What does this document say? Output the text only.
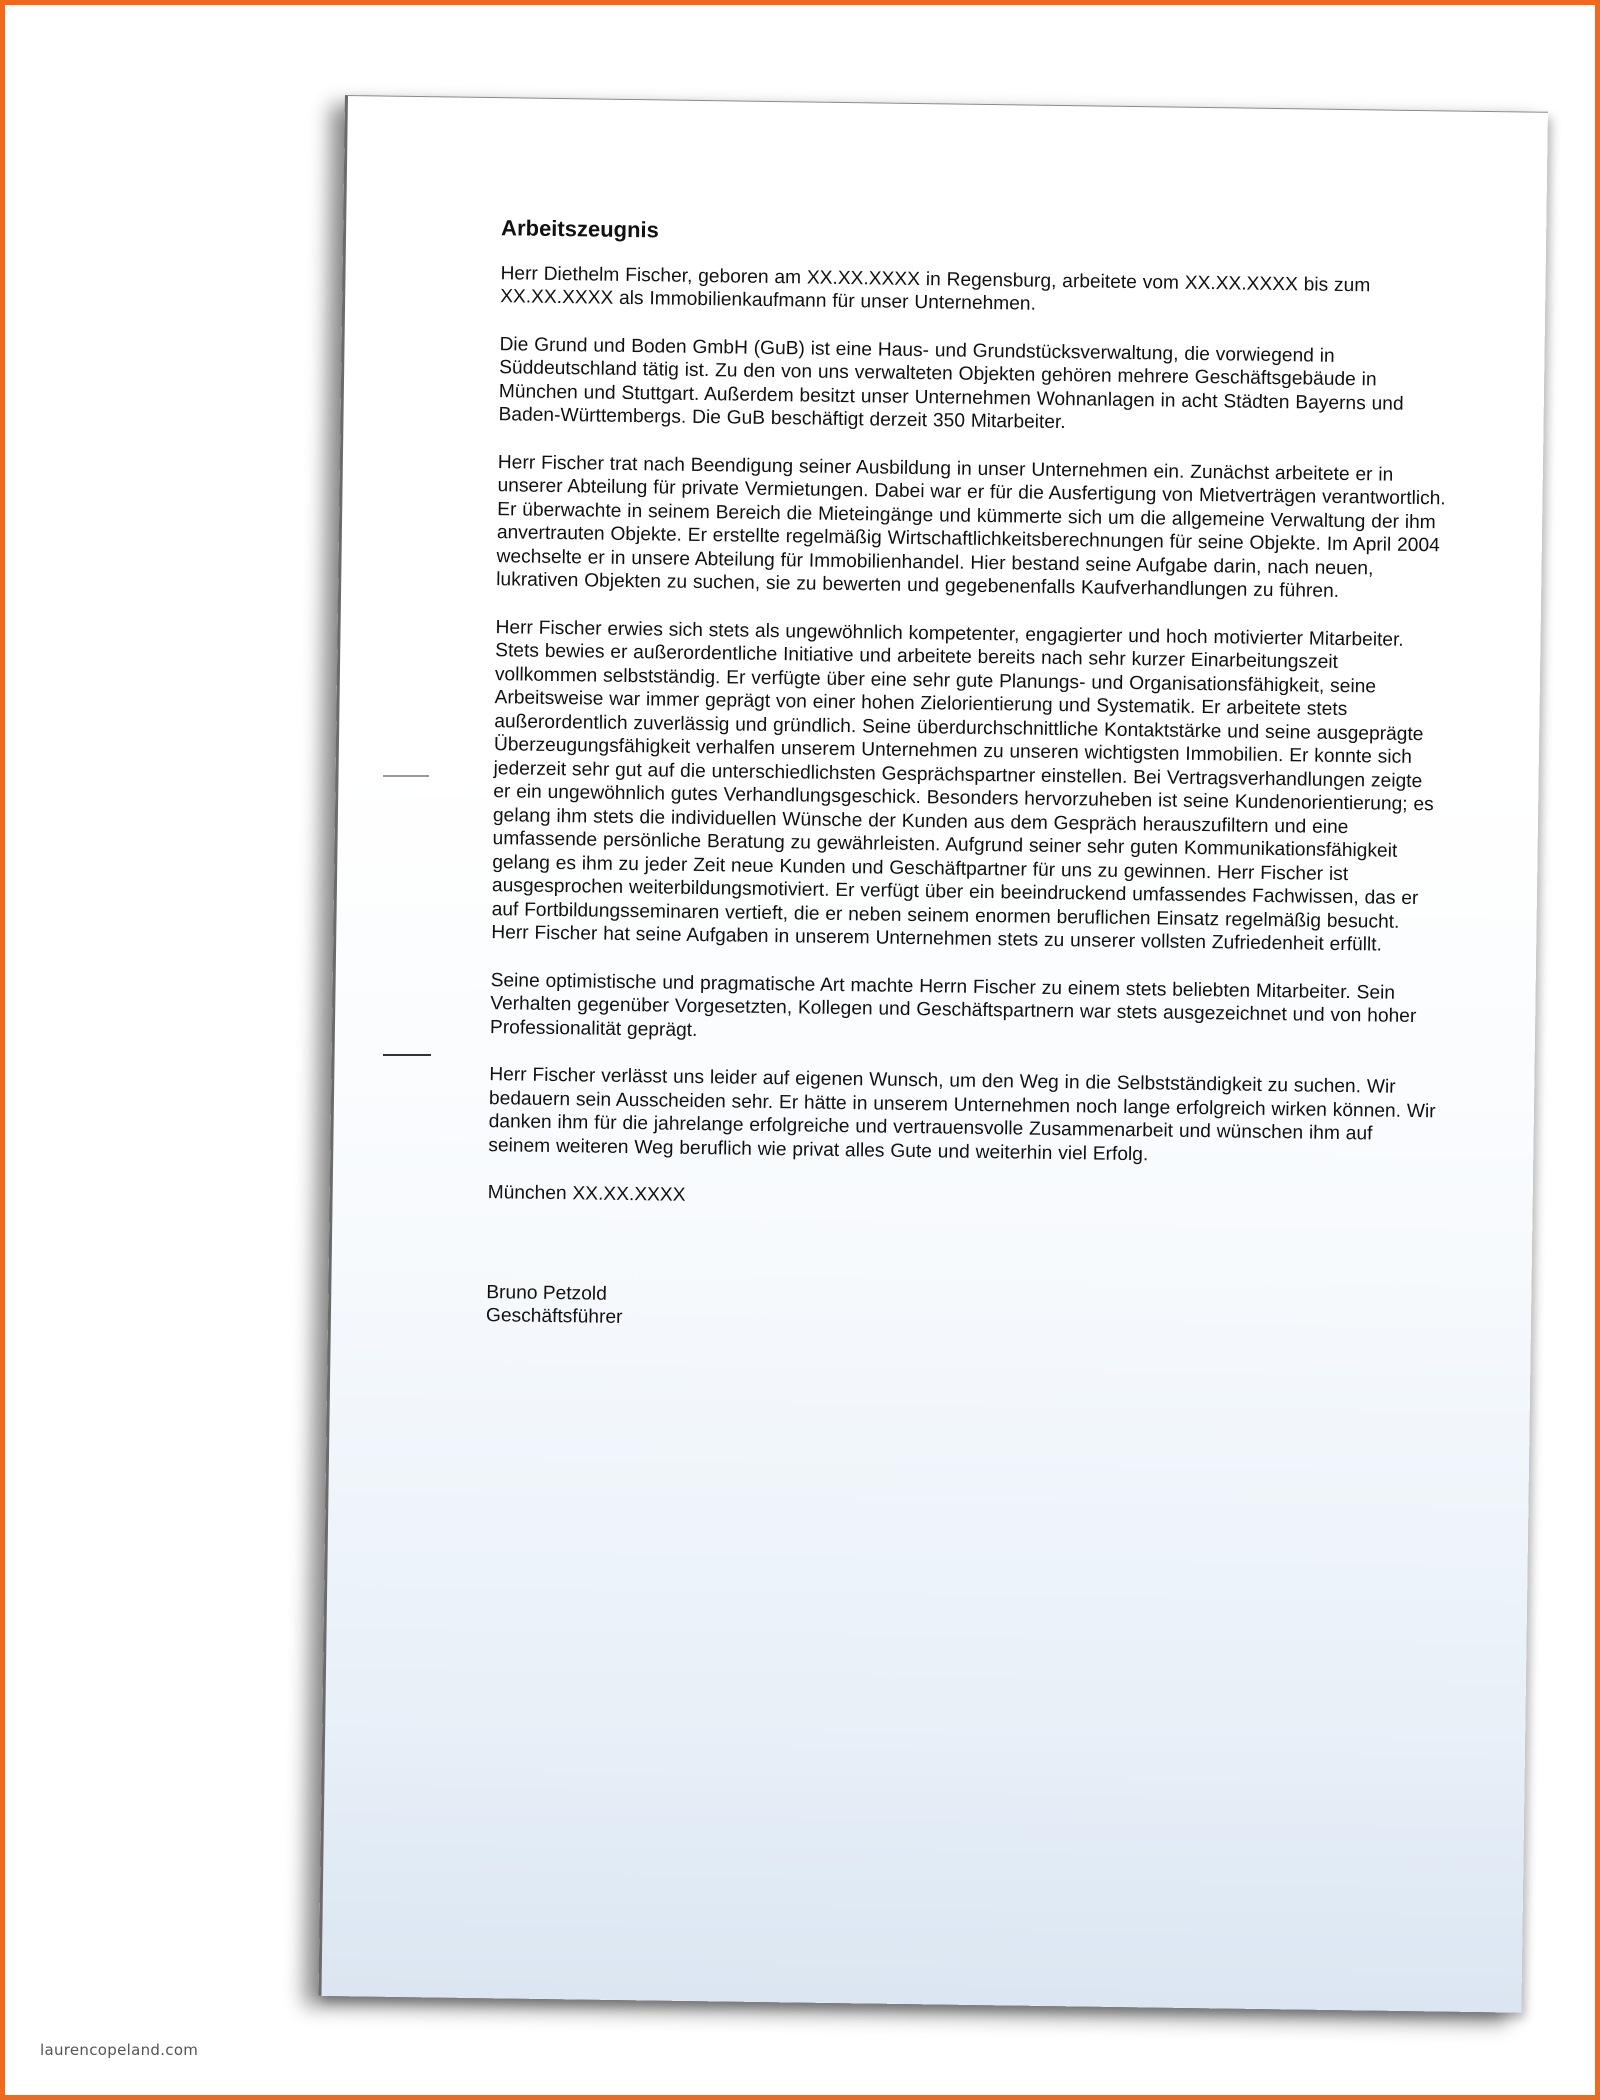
Arbeitszeugnis

Herr Diethelm Fischer, geboren am XX.XX.XXXX in Regensburg, arbeitete vom XX.XX.XXXX bis zum XX.XX.XXXX als Immobilienkaufmann für unser Unternehmen.

Die Grund und Boden GmbH (GuB) ist eine Haus- und Grundstücksverwaltung, die vorwiegend in Süddeutschland tätig ist. Zu den von uns verwalteten Objekten gehören mehrere Geschäftsgebäude in München und Stuttgart. Außerdem besitzt unser Unternehmen Wohnanlagen in acht Städten Bayerns und Baden-Württembergs. Die GuB beschäftigt derzeit 350 Mitarbeiter.

Herr Fischer trat nach Beendigung seiner Ausbildung in unser Unternehmen ein. Zunächst arbeitete er in unserer Abteilung für private Vermietungen. Dabei war er für die Ausfertigung von Mietverträgen verantwortlich. Er überwachte in seinem Bereich die Mieteingänge und kümmerte sich um die allgemeine Verwaltung der ihm anvertrauten Objekte. Er erstellte regelmäßig Wirtschaftlichkeitsberechnungen für seine Objekte. Im April 2004 wechselte er in unsere Abteilung für Immobilienhandel. Hier bestand seine Aufgabe darin, nach neuen, lukrativen Objekten zu suchen, sie zu bewerten und gegebenenfalls Kaufverhandlungen zu führen.

Herr Fischer erwies sich stets als ungewöhnlich kompetenter, engagierter und hoch motivierter Mitarbeiter. Stets bewies er außerordentliche Initiative und arbeitete bereits nach sehr kurzer Einarbeitungszeit vollkommen selbstständig. Er verfügte über eine sehr gute Planungs- und Organisationsfähigkeit, seine Arbeitsweise war immer geprägt von einer hohen Zielorientierung und Systematik. Er arbeitete stets außerordentlich zuverlässig und gründlich. Seine überdurchschnittliche Kontaktstärke und seine ausgeprägte Überzeugungsfähigkeit verhalfen unserem Unternehmen zu unseren wichtigsten Immobilien. Er konnte sich jederzeit sehr gut auf die unterschiedlichsten Gesprächspartner einstellen. Bei Vertragsverhandlungen zeigte er ein ungewöhnlich gutes Verhandlungsgeschick. Besonders hervorzuheben ist seine Kundenorientierung; es gelang ihm stets die individuellen Wünsche der Kunden aus dem Gespräch herauszufiltern und eine umfassende persönliche Beratung zu gewährleisten. Aufgrund seiner sehr guten Kommunikationsfähigkeit gelang es ihm zu jeder Zeit neue Kunden und Geschäftpartner für uns zu gewinnen. Herr Fischer ist ausgesprochen weiterbildungsmotiviert. Er verfügt über ein beeindruckend umfassendes Fachwissen, das er auf Fortbildungsseminaren vertieft, die er neben seinem enormen beruflichen Einsatz regelmäßig besucht. Herr Fischer hat seine Aufgaben in unserem Unternehmen stets zu unserer vollsten Zufriedenheit erfüllt.

Seine optimistische und pragmatische Art machte Herrn Fischer zu einem stets beliebten Mitarbeiter. Sein Verhalten gegenüber Vorgesetzten, Kollegen und Geschäftspartnern war stets ausgezeichnet und von hoher Professionalität geprägt.

Herr Fischer verlässt uns leider auf eigenen Wunsch, um den Weg in die Selbstständigkeit zu suchen. Wir bedauern sein Ausscheiden sehr. Er hätte in unserem Unternehmen noch lange erfolgreich wirken können. Wir danken ihm für die jahrelange erfolgreiche und vertrauensvolle Zusammenarbeit und wünschen ihm auf seinem weiteren Weg beruflich wie privat alles Gute und weiterhin viel Erfolg.

München XX.XX.XXXX

Bruno Petzold

Geschäftsführer

laurencopeland.com
